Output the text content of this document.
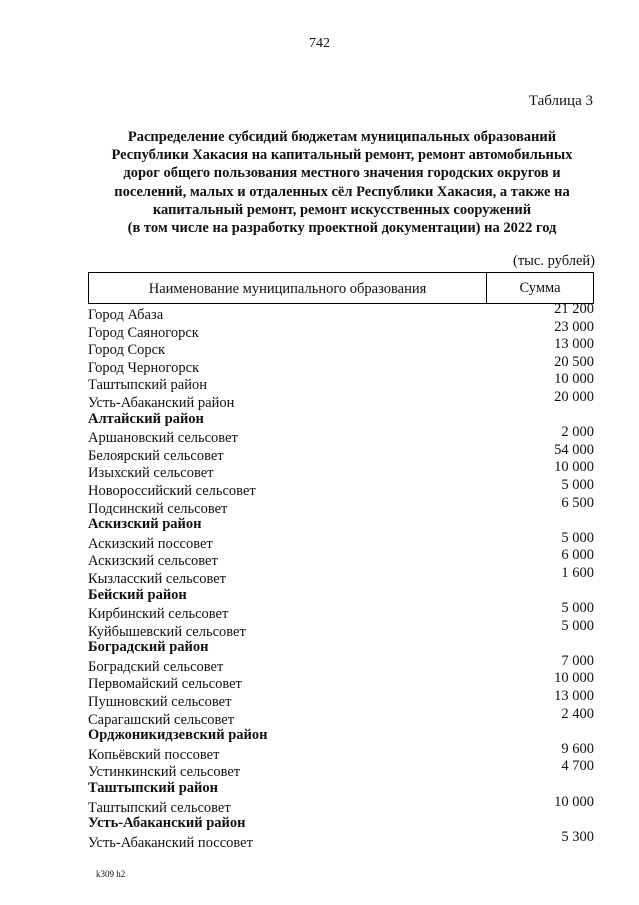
742
Таблица 3
Распределение субсидий бюджетам муниципальных образований
Республики Хакасия на капитальный ремонт, ремонт автомобильных
дорог общего пользования местного значения городских округов и
поселений, малых и отдаленных сёл Республики Хакасия, а также на
капитальный ремонт, ремонт искусственных сооружений
(в том числе на разработку проектной документации) на 2022 год
(тыс. рублей)
Наименование муниципального образования	Сумма
Город Абаза	21 200
Город Саяногорск	23 000
Город Сорск	13 000
Город Черногорск	20 500
Таштыпский район	10 000
Усть-Абаканский район	20 000
Алтайский район
Аршановский сельсовет	2 000
Белоярский сельсовет	54 000
Изыхский сельсовет	10 000
Новороссийский сельсовет	5 000
Подсинский сельсовет	6 500
Аскизский район
Аскизский поссовет	5 000
Аскизский сельсовет	6 000
Кызласский сельсовет	1 600
Бейский район
Кирбинский сельсовет	5 000
Куйбышевский сельсовет	5 000
Боградский район
Боградский сельсовет	7 000
Первомайский сельсовет	10 000
Пушновский сельсовет	13 000
Сарагашский сельсовет	2 400
Орджоникидзевский район
Копьёвский поссовет	9 600
Устинкинский сельсовет	4 700
Таштыпский район
Таштыпский сельсовет	10 000
Усть-Абаканский район
Усть-Абаканский поссовет	5 300
k309 h2
